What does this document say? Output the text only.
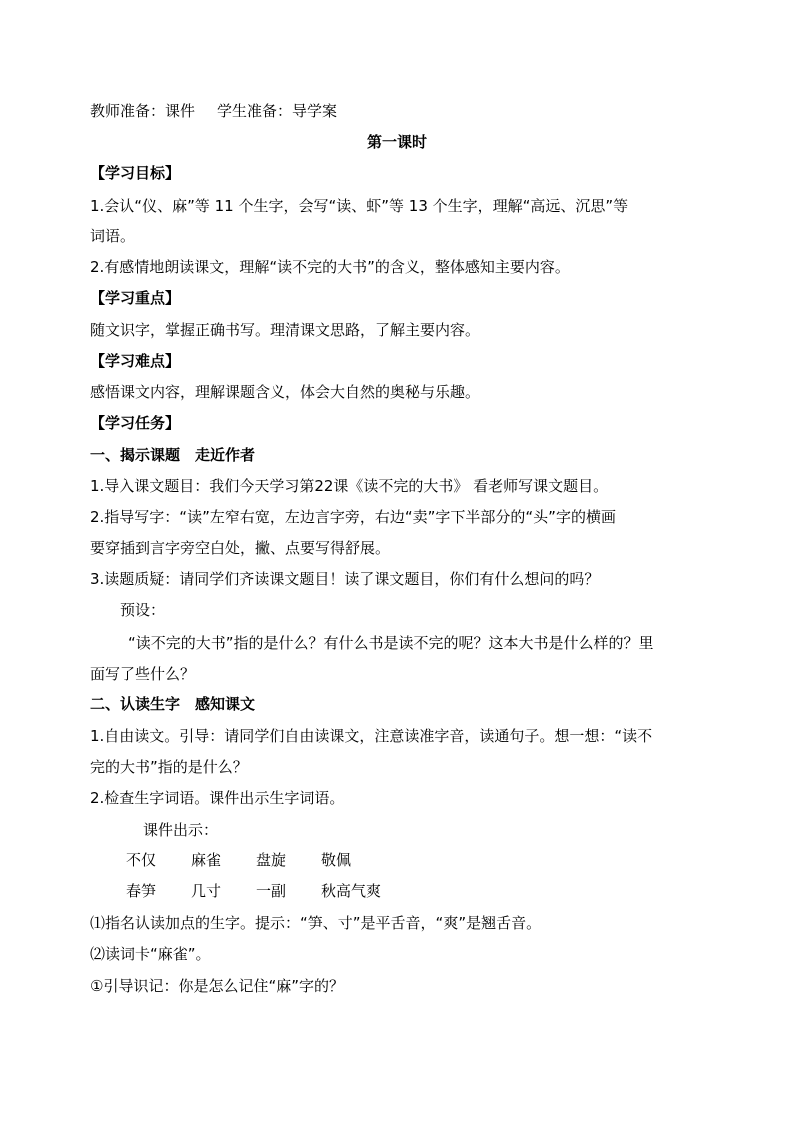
教师准备：课件 学生准备：导学案

第一课时

【学习目标】

1.会认“仪、麻”等 11 个生字，会写“读、虾”等 13 个生字，理解“高远、沉思”等

词语。

2.有感情地朗读课文，理解“读不完的大书”的含义，整体感知主要内容。

【学习重点】

随文识字，掌握正确书写。理清课文思路，了解主要内容。

【学习难点】

感悟课文内容，理解课题含义，体会大自然的奥秘与乐趣。

【学习任务】

一、揭示课题　走近作者

1.导入课文题目：我们今天学习第22课《读不完的大书》 看老师写课文题目。

2.指导写字：“读”左窄右宽，左边言字旁，右边“卖”字下半部分的“头”字的横画

要穿插到言字旁空白处，撇、点要写得舒展。

3.读题质疑：请同学们齐读课文题目！读了课文题目，你们有什么想问的吗？

预设：

“读不完的大书”指的是什么？有什么书是读不完的呢？这本大书是什么样的？里

面写了些什么？

二、认读生字　感知课文

1.自由读文。引导：请同学们自由读课文，注意读准字音，读通句子。想一想：“读不

完的大书”指的是什么？

2.检查生字词语。课件出示生字词语。

课件出示：

不仅 麻雀 盘旋 敬佩

春笋 几寸 一副 秋高气爽

⑴指名认读加点的生字。提示：“笋、寸”是平舌音，“爽”是翘舌音。

⑵读词卡“麻雀”。

①引导识记：你是怎么记住“麻”字的？
